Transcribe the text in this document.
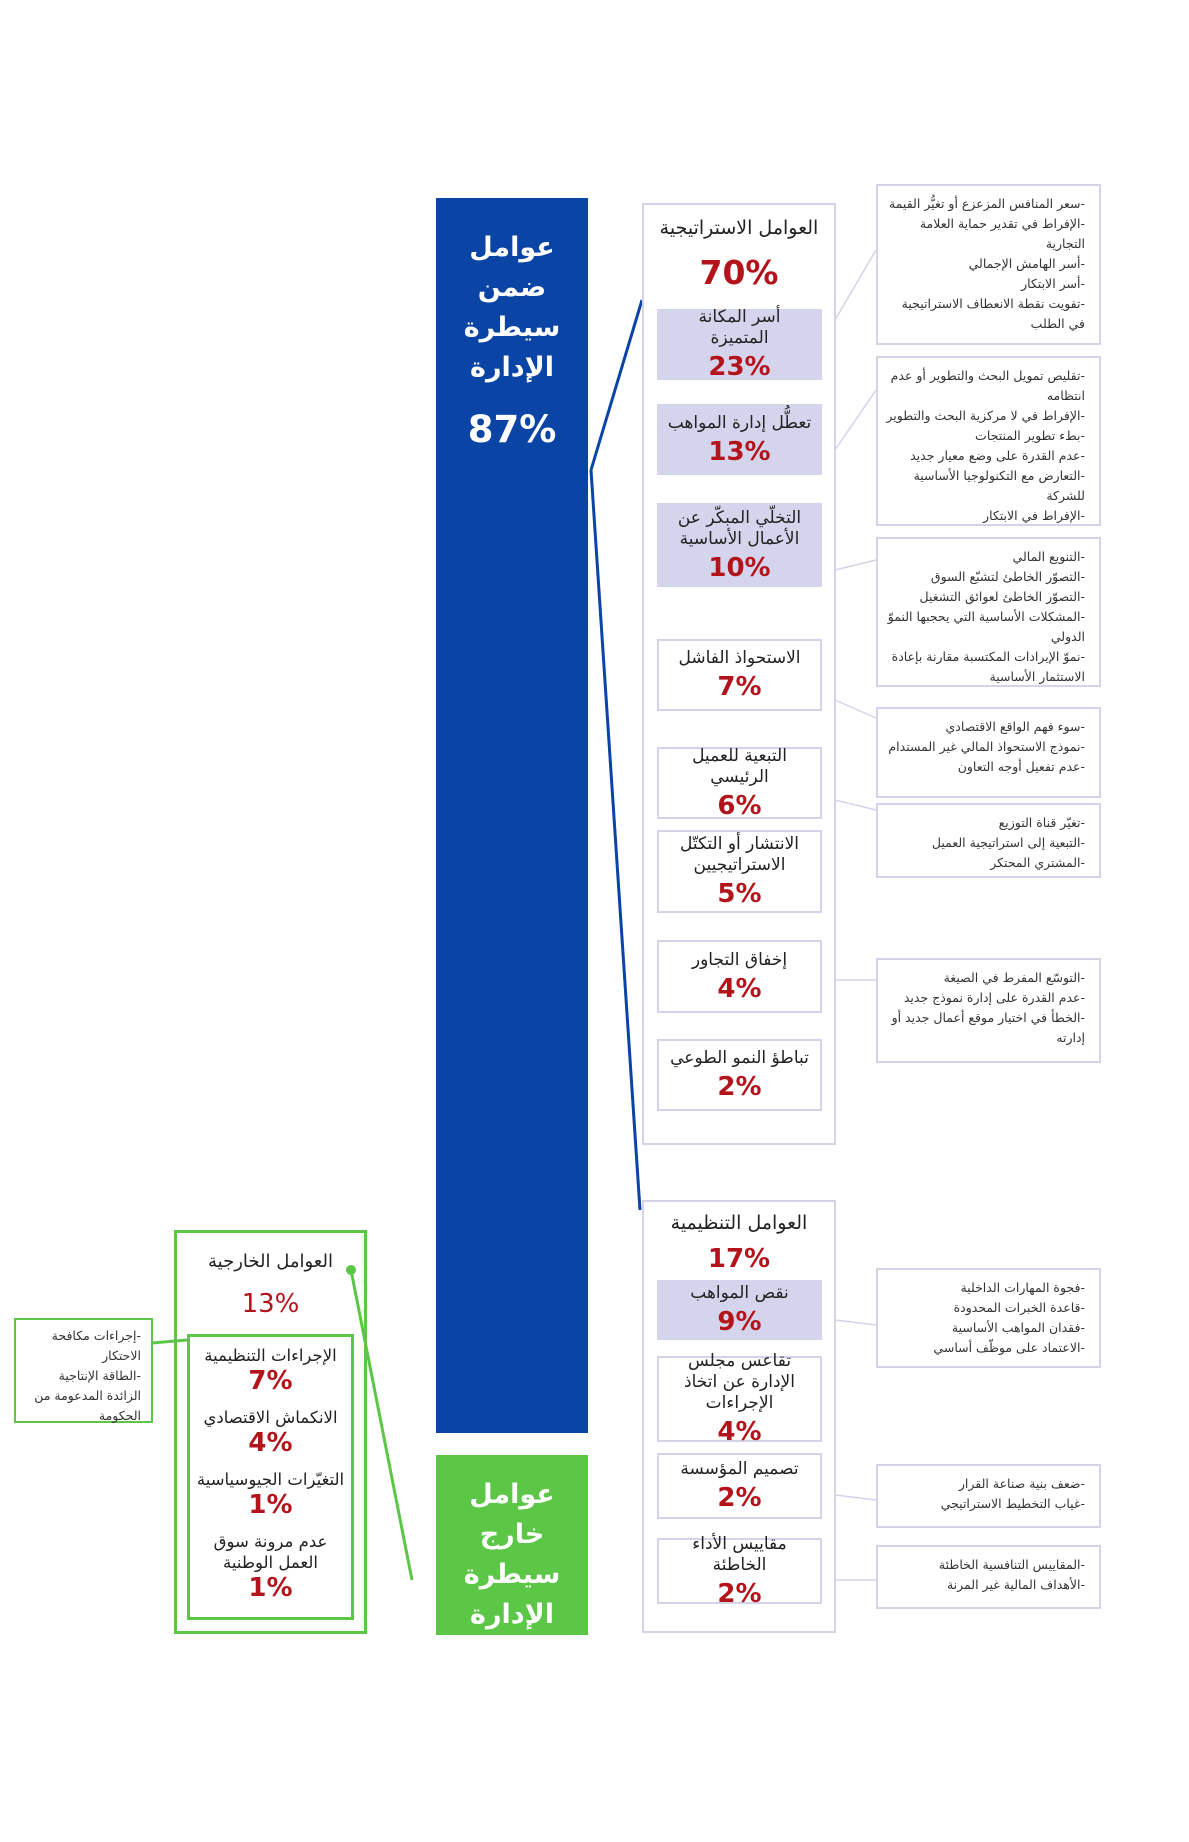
عوامل ضمن سيطرة الإدارة
87%
عوامل خارج سيطرة الإدارة
13%
العوامل الاستراتيجية
70%
أسر المكانة المتميزة
23%
تعطُّل إدارة المواهب
13%
التخلّي المبكّر عن الأعمال الأساسية
10%
الاستحواذ الفاشل
7%
التبعية للعميل الرئيسي
6%
الانتشار أو التكتّل الاستراتيجيين
5%
إخفاق التجاور
4%
تباطؤ النمو الطوعي
2%
العوامل التنظيمية
17%
نقص المواهب
9%
تقاعس مجلس الإدارة عن اتخاذ الإجراءات
4%
تصميم المؤسسة
2%
مقاييس الأداء الخاطئة
2%
-سعر المنافس المزعزع أو تغيُّر القيمة
-الإفراط في تقدير حماية العلامة التجارية
-أسر الهامش الإجمالي
-أسر الابتكار
-تفويت نقطة الانعطاف الاستراتيجية في الطلب
-تقليص تمويل البحث والتطوير أو عدم انتظامه
-الإفراط في لا مركزية البحث والتطوير
-بطء تطوير المنتجات
-عدم القدرة على وضع معيار جديد
-التعارض مع التكنولوجيا الأساسية للشركة
-الإفراط في الابتكار
-التنويع المالي
-التصوّر الخاطئ لتشبّع السوق
-التصوّر الخاطئ لعوائق التشغيل
-المشكلات الأساسية التي يحجبها النموّ الدولي
-نموّ الإيرادات المكتسبة مقارنة بإعادة الاستثمار الأساسية
-سوء فهم الواقع الاقتصادي
-نموذج الاستحواذ المالي غير المستدام
-عدم تفعيل أوجه التعاون
-تغيّر قناة التوزيع
-التبعية إلى استراتيجية العميل
-المشتري المحتكر
-التوسّع المفرط في الصيغة
-عدم القدرة على إدارة نموذج جديد
-الخطأ في اختيار موقع أعمال جديد أو إدارته
-فجوة المهارات الداخلية
-قاعدة الخبرات المحدودة
-فقدان المواهب الأساسية
-الاعتماد على موظّف أساسي
-ضعف بنية صناعة القرار
-غياب التخطيط الاستراتيجي
-المقاييس التنافسية الخاطئة
-الأهداف المالية غير المرنة
العوامل الخارجية
13%
الإجراءات التنظيمية
7%
الانكماش الاقتصادي
4%
التغيّرات الجيوسياسية
1%
عدم مرونة سوق العمل الوطنية
1%
-إجراءات مكافحة الاحتكار
-الطاقة الإنتاجية الزائدة المدعومة من الحكومة
